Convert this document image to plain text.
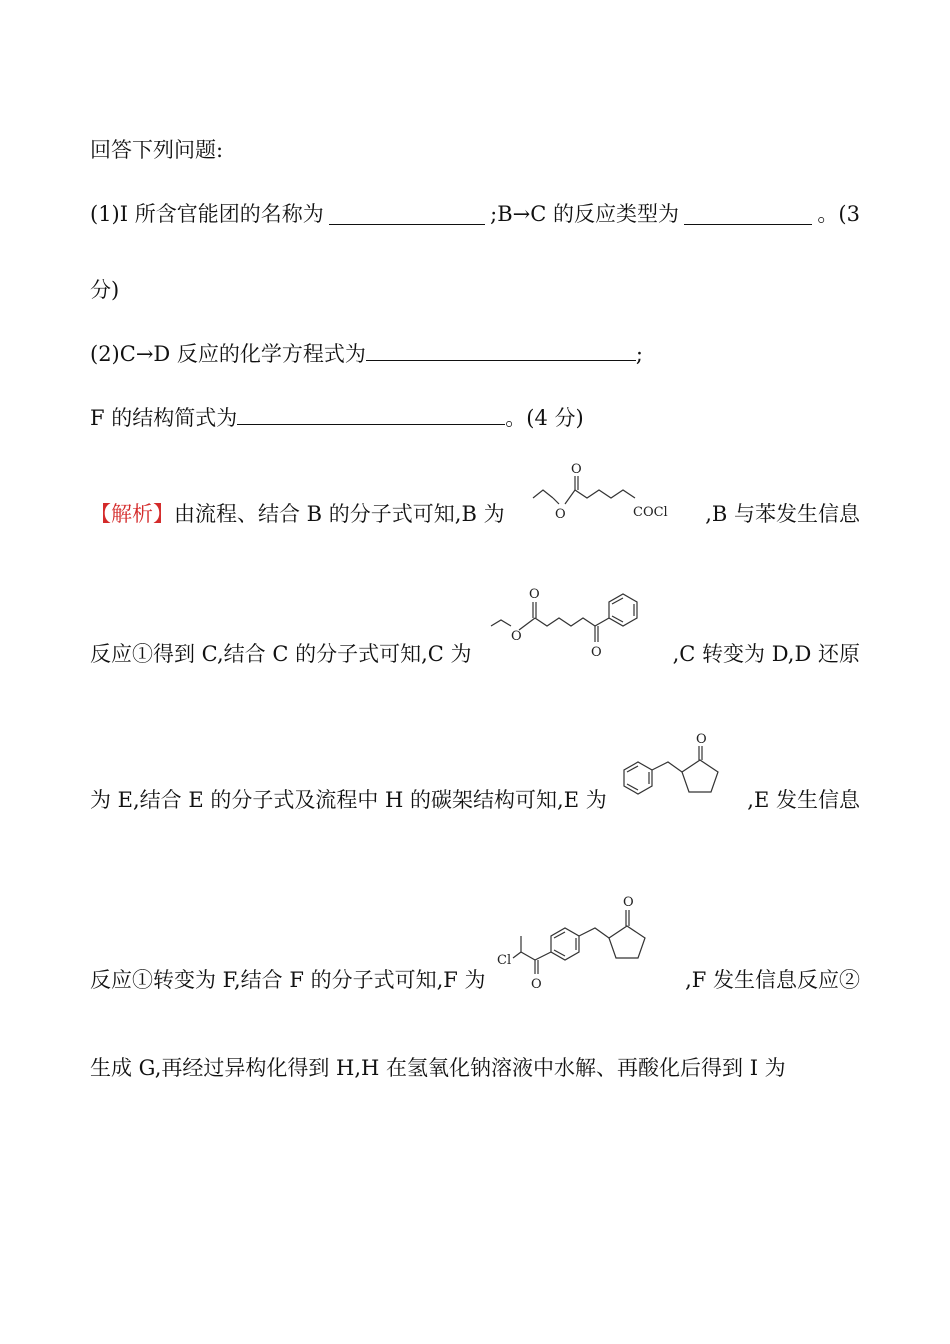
回答下列问题:
(1)I 所含官能团的名称为	;B→C 的反应类型为	。(3
分)
(2)C→D 反应的化学方程式为	;
F 的结构简式为	。(4 分)
【解析】由流程、结合 B 的分子式可知,B 为	O
O
COCl ,B 与苯发生信息
反应①得到 C,结合 C 的分子式可知,C 为
O
O
O	,C 转变为 D,D 还原
为 E,结合 E 的分子式及流程中 H 的碳架结构可知,E 为
O
,E 发生信息
反应①转变为 F,结合 F 的分子式可知,F 为
Cl
O
O
,F 发生信息反应②
生成 G,再经过异构化得到 H,H 在氢氧化钠溶液中水解、再酸化后得到 I 为
